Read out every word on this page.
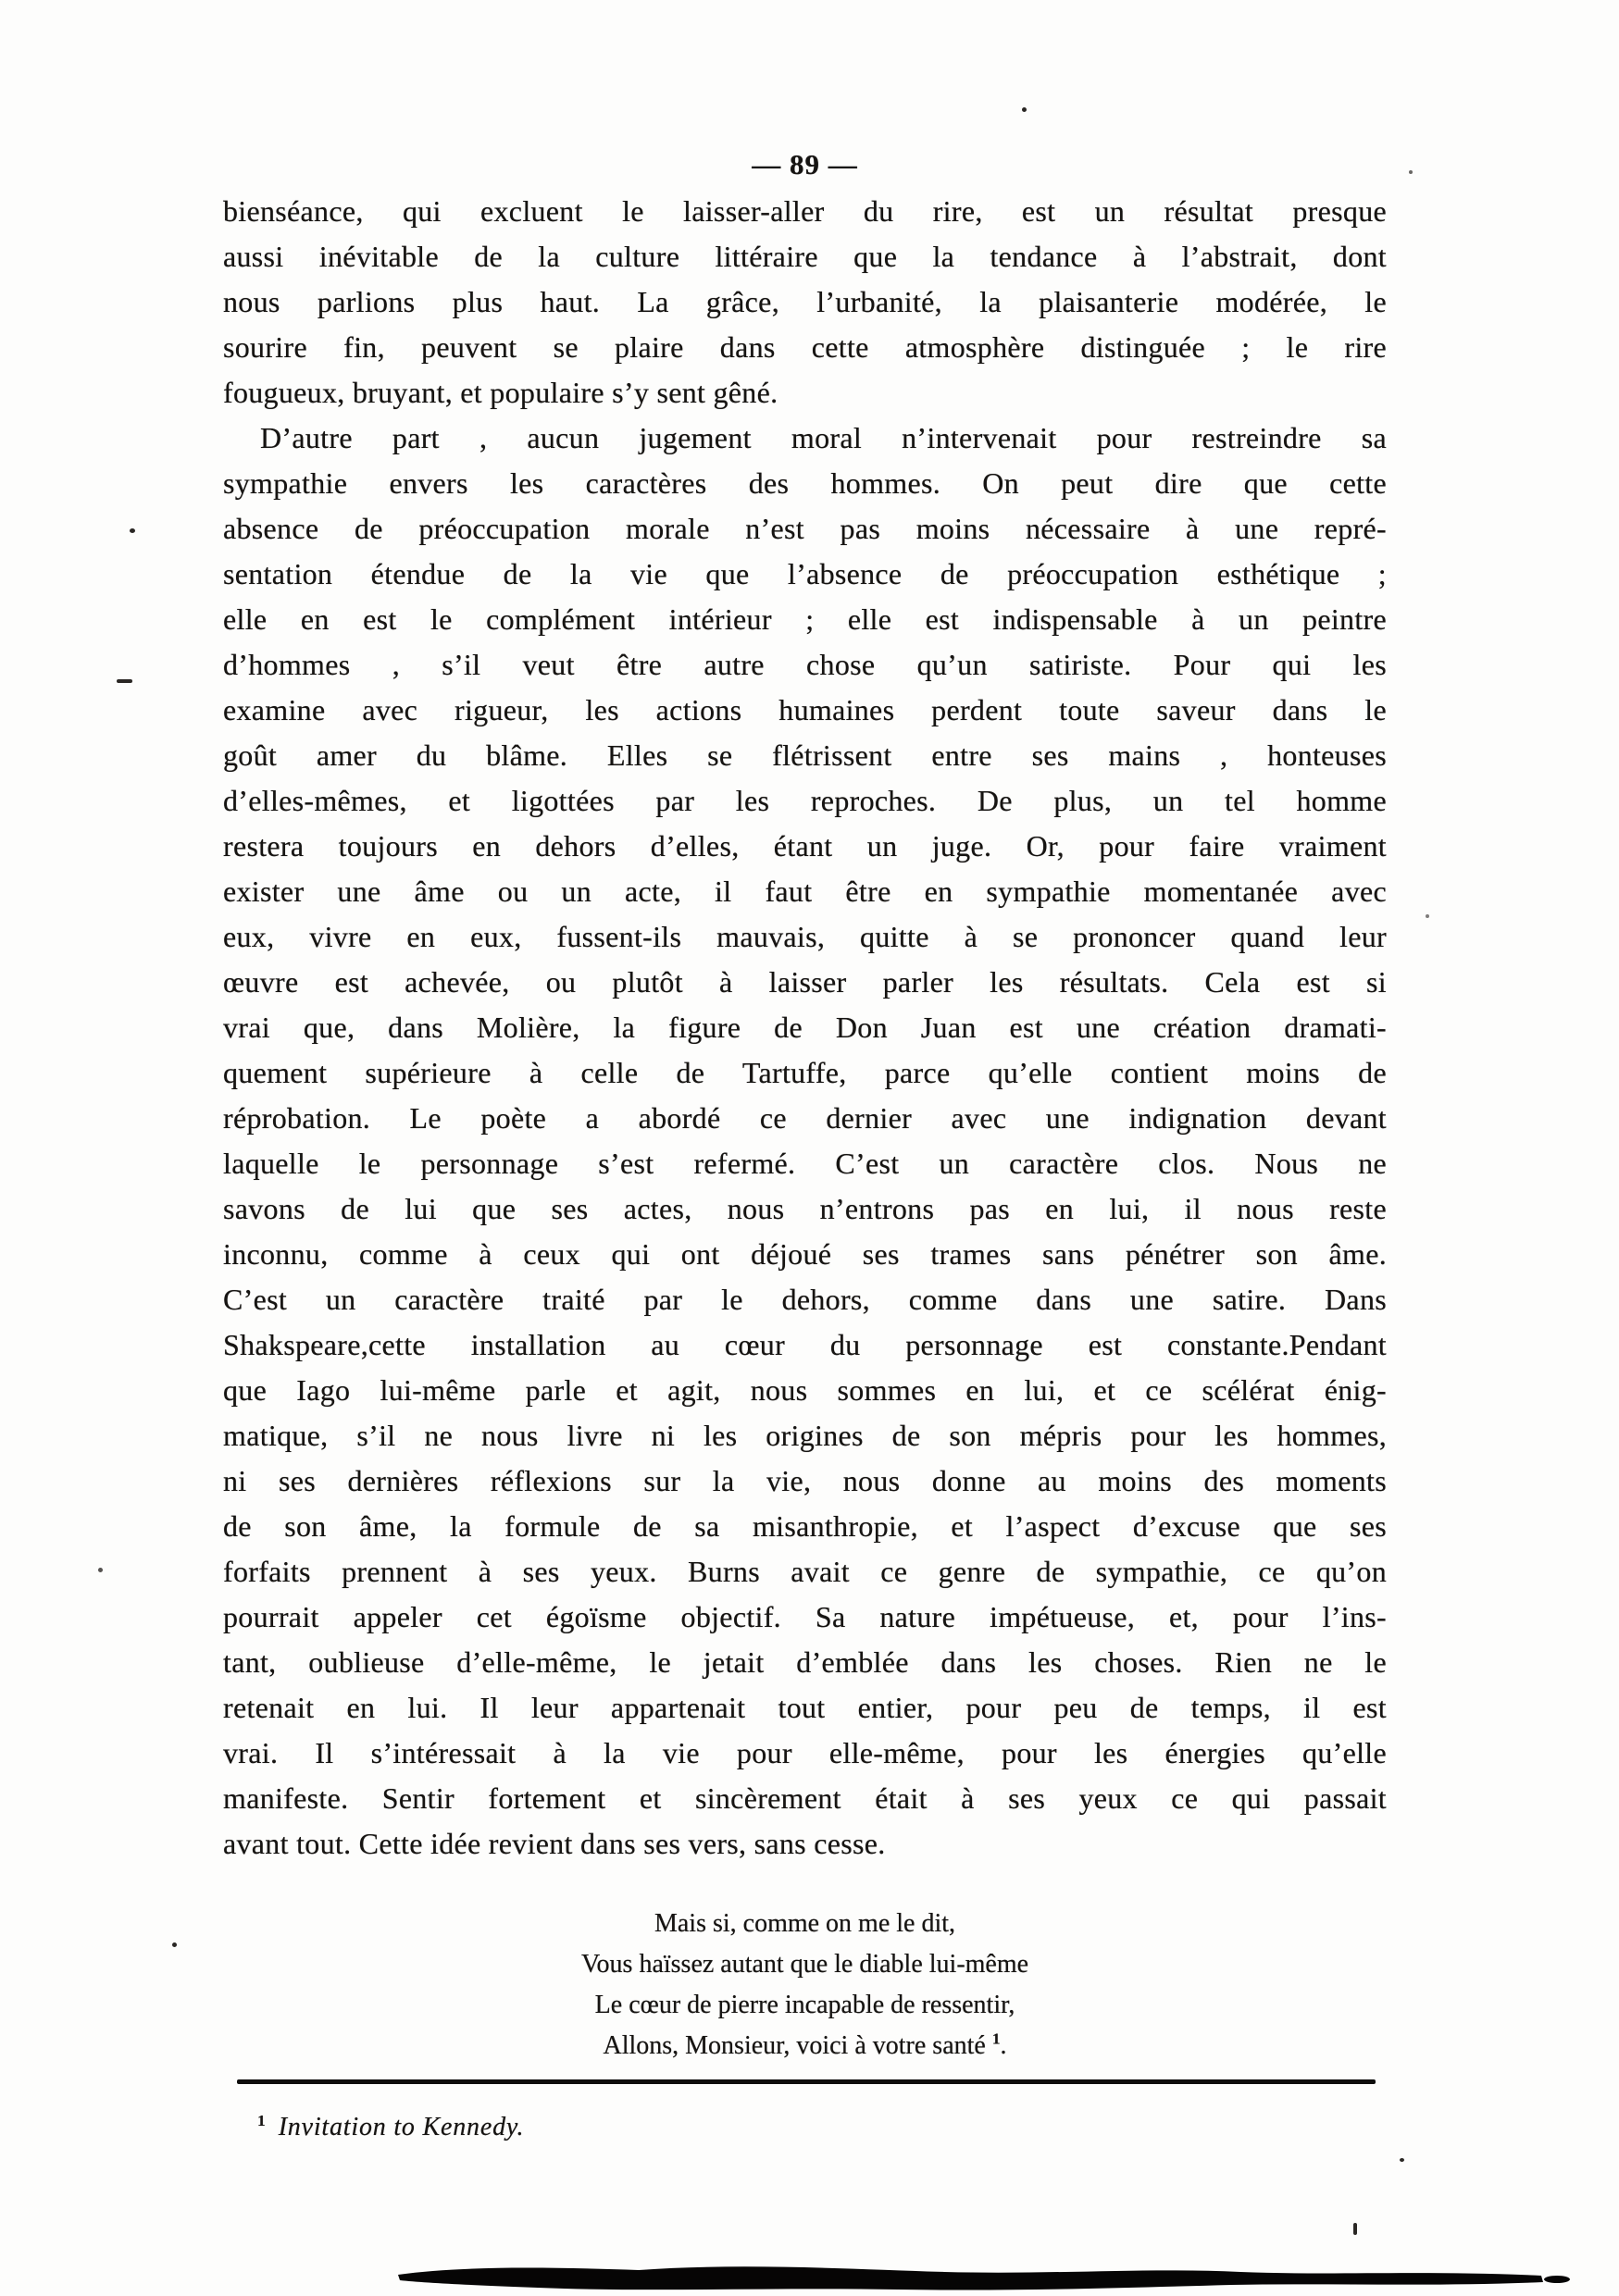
— 89 —
bienséance, qui excluent le laisser-aller du rire, est un résultat presque
aussi inévitable de la culture littéraire que la tendance à l’abstrait, dont
nous parlions plus haut. La grâce, l’urbanité, la plaisanterie modérée, le
sourire fin, peuvent se plaire dans cette atmosphère distinguée ; le rire
fougueux, bruyant, et populaire s’y sent gêné.
D’autre part , aucun jugement moral n’intervenait pour restreindre sa
sympathie envers les caractères des hommes. On peut dire que cette
absence de préoccupation morale n’est pas moins nécessaire à une repré-
sentation étendue de la vie que l’absence de préoccupation esthétique ;
elle en est le complément intérieur ; elle est indispensable à un peintre
d’hommes , s’il veut être autre chose qu’un satiriste. Pour qui les
examine avec rigueur, les actions humaines perdent toute saveur dans le
goût amer du blâme. Elles se flétrissent entre ses mains , honteuses
d’elles-mêmes, et ligottées par les reproches. De plus, un tel homme
restera toujours en dehors d’elles, étant un juge. Or, pour faire vraiment
exister une âme ou un acte, il faut être en sympathie momentanée avec
eux, vivre en eux, fussent-ils mauvais, quitte à se prononcer quand leur
œuvre est achevée, ou plutôt à laisser parler les résultats. Cela est si
vrai que, dans Molière, la figure de Don Juan est une création dramati-
quement supérieure à celle de Tartuffe, parce qu’elle contient moins de
réprobation. Le poète a abordé ce dernier avec une indignation devant
laquelle le personnage s’est refermé. C’est un caractère clos. Nous ne
savons de lui que ses actes, nous n’entrons pas en lui, il nous reste
inconnu, comme à ceux qui ont déjoué ses trames sans pénétrer son âme.
C’est un caractère traité par le dehors, comme dans une satire. Dans
Shakspeare,cette installation au cœur du personnage est constante.Pendant
que Iago lui-même parle et agit, nous sommes en lui, et ce scélérat énig-
matique, s’il ne nous livre ni les origines de son mépris pour les hommes,
ni ses dernières réflexions sur la vie, nous donne au moins des moments
de son âme, la formule de sa misanthropie, et l’aspect d’excuse que ses
forfaits prennent à ses yeux. Burns avait ce genre de sympathie, ce qu’on
pourrait appeler cet égoïsme objectif. Sa nature impétueuse, et, pour l’ins-
tant, oublieuse d’elle-même, le jetait d’emblée dans les choses. Rien ne le
retenait en lui. Il leur appartenait tout entier, pour peu de temps, il est
vrai. Il s’intéressait à la vie pour elle-même, pour les énergies qu’elle
manifeste. Sentir fortement et sincèrement était à ses yeux ce qui passait
avant tout. Cette idée revient dans ses vers, sans cesse.
Mais si, comme on me le dit,
Vous haïssez autant que le diable lui-même
Le cœur de pierre incapable de ressentir,
Allons, Monsieur, voici à votre santé $^1$.
$^1$ Invitation to Kennedy.
